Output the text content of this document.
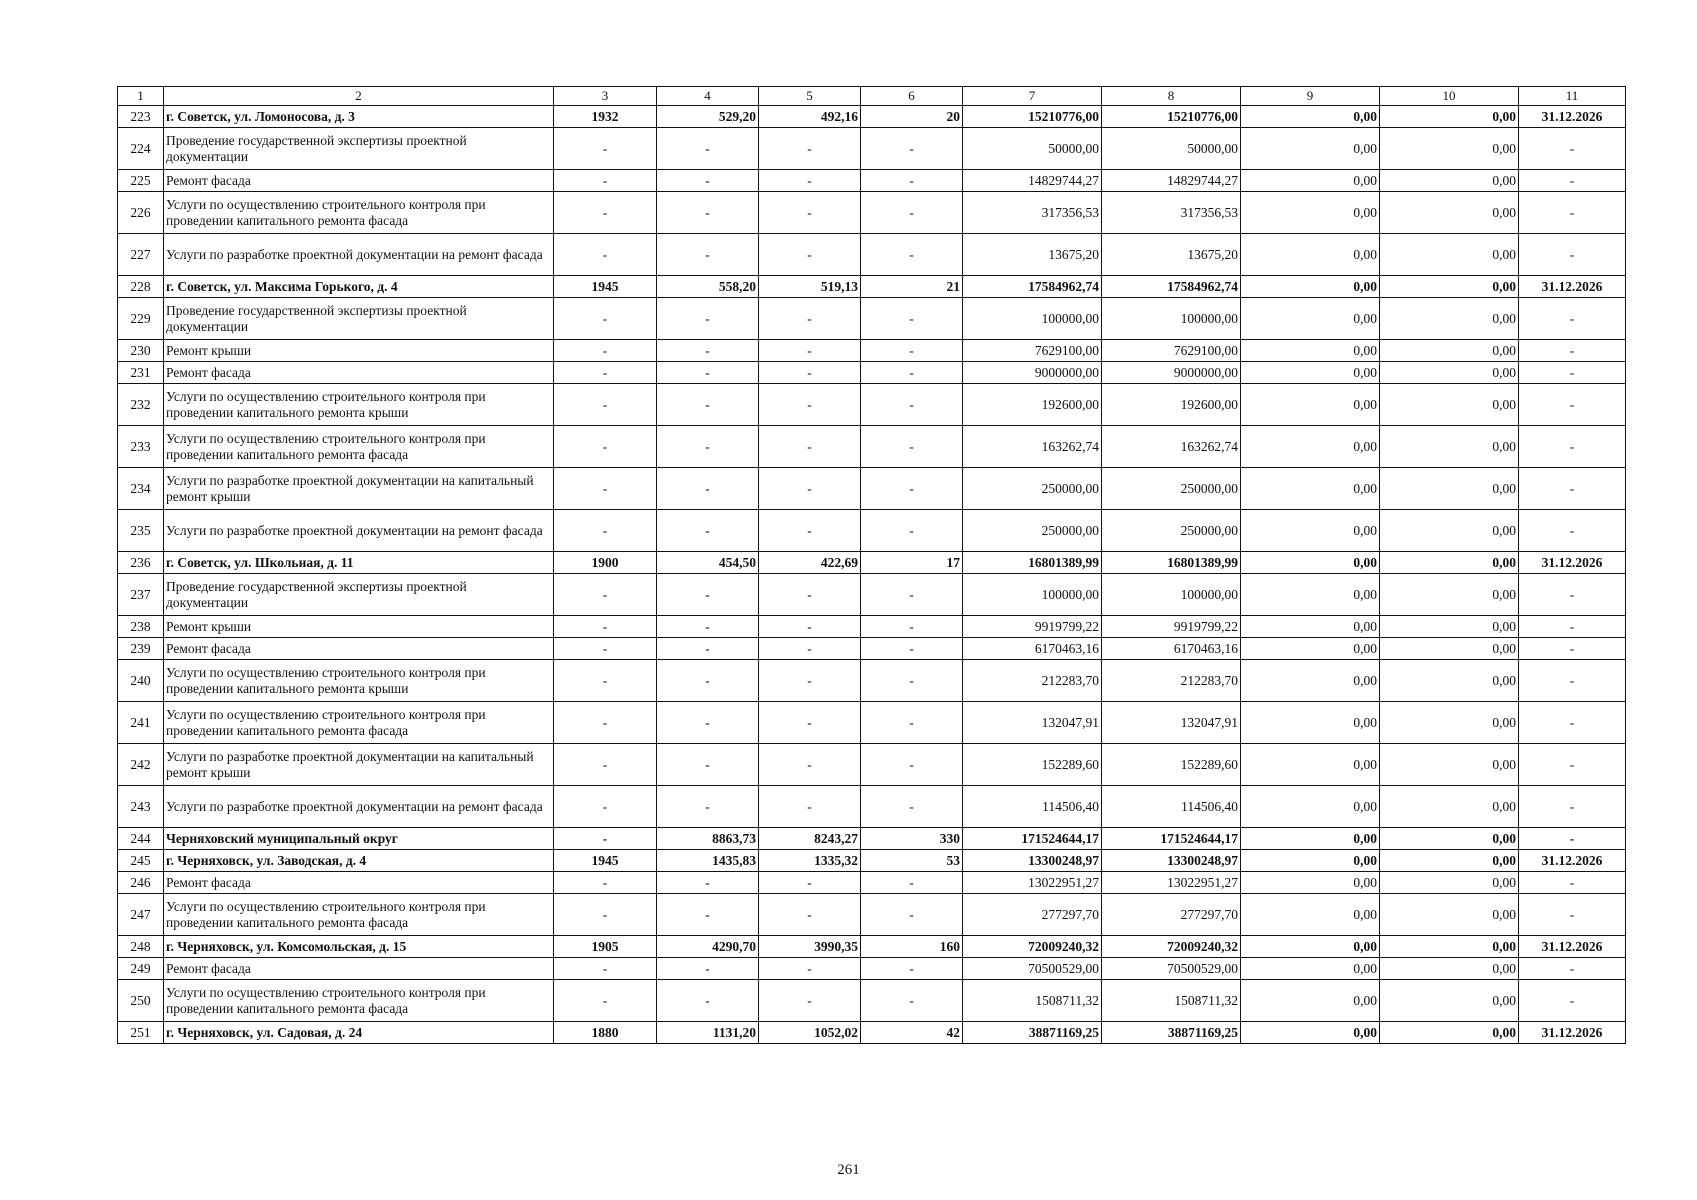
1	2	3	4	5	6	7	8	9	10	11
223	г. Советск, ул. Ломоносова, д. 3	1932	529,20	492,16	20	15210776,00	15210776,00	0,00	0,00	31.12.2026
224	Проведение государственной экспертизы проектной документации	-	-	-	-	50000,00	50000,00	0,00	0,00	-
225	Ремонт фасада	-	-	-	-	14829744,27	14829744,27	0,00	0,00	-
226	Услуги по осуществлению строительного контроля при проведении капитального ремонта фасада	-	-	-	-	317356,53	317356,53	0,00	0,00	-
227	Услуги по разработке проектной документации на ремонт фасада	-	-	-	-	13675,20	13675,20	0,00	0,00	-
228	г. Советск, ул. Максима Горького, д. 4	1945	558,20	519,13	21	17584962,74	17584962,74	0,00	0,00	31.12.2026
229	Проведение государственной экспертизы проектной документации	-	-	-	-	100000,00	100000,00	0,00	0,00	-
230	Ремонт крыши	-	-	-	-	7629100,00	7629100,00	0,00	0,00	-
231	Ремонт фасада	-	-	-	-	9000000,00	9000000,00	0,00	0,00	-
232	Услуги по осуществлению строительного контроля при проведении капитального ремонта крыши	-	-	-	-	192600,00	192600,00	0,00	0,00	-
233	Услуги по осуществлению строительного контроля при проведении капитального ремонта фасада	-	-	-	-	163262,74	163262,74	0,00	0,00	-
234	Услуги по разработке проектной документации на капитальный ремонт крыши	-	-	-	-	250000,00	250000,00	0,00	0,00	-
235	Услуги по разработке проектной документации на ремонт фасада	-	-	-	-	250000,00	250000,00	0,00	0,00	-
236	г. Советск, ул. Школьная, д. 11	1900	454,50	422,69	17	16801389,99	16801389,99	0,00	0,00	31.12.2026
237	Проведение государственной экспертизы проектной документации	-	-	-	-	100000,00	100000,00	0,00	0,00	-
238	Ремонт крыши	-	-	-	-	9919799,22	9919799,22	0,00	0,00	-
239	Ремонт фасада	-	-	-	-	6170463,16	6170463,16	0,00	0,00	-
240	Услуги по осуществлению строительного контроля при проведении капитального ремонта крыши	-	-	-	-	212283,70	212283,70	0,00	0,00	-
241	Услуги по осуществлению строительного контроля при проведении капитального ремонта фасада	-	-	-	-	132047,91	132047,91	0,00	0,00	-
242	Услуги по разработке проектной документации на капитальный ремонт крыши	-	-	-	-	152289,60	152289,60	0,00	0,00	-
243	Услуги по разработке проектной документации на ремонт фасада	-	-	-	-	114506,40	114506,40	0,00	0,00	-
244	Черняховский муниципальный округ	-	8863,73	8243,27	330	171524644,17	171524644,17	0,00	0,00	-
245	г. Черняховск, ул. Заводская, д. 4	1945	1435,83	1335,32	53	13300248,97	13300248,97	0,00	0,00	31.12.2026
246	Ремонт фасада	-	-	-	-	13022951,27	13022951,27	0,00	0,00	-
247	Услуги по осуществлению строительного контроля при проведении капитального ремонта фасада	-	-	-	-	277297,70	277297,70	0,00	0,00	-
248	г. Черняховск, ул. Комсомольская, д. 15	1905	4290,70	3990,35	160	72009240,32	72009240,32	0,00	0,00	31.12.2026
249	Ремонт фасада	-	-	-	-	70500529,00	70500529,00	0,00	0,00	-
250	Услуги по осуществлению строительного контроля при проведении капитального ремонта фасада	-	-	-	-	1508711,32	1508711,32	0,00	0,00	-
251	г. Черняховск, ул. Садовая, д. 24	1880	1131,20	1052,02	42	38871169,25	38871169,25	0,00	0,00	31.12.2026
261
